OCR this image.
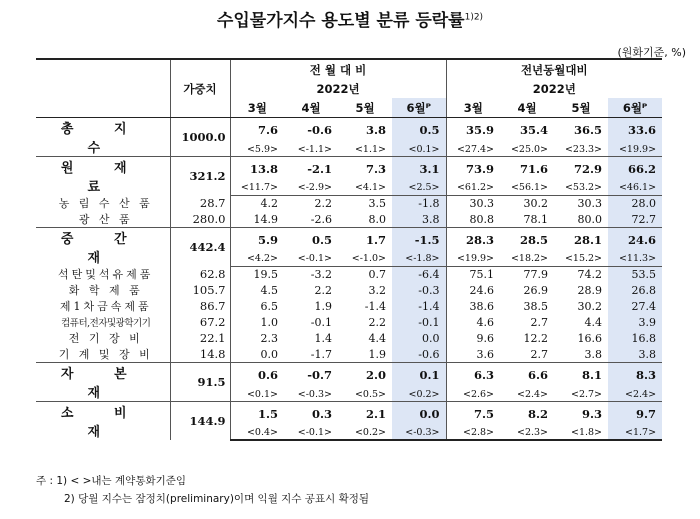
수입물가지수 용도별 분류 등락률$^{1)2)}$
(원화기준, %)
	가중치	전 월 대 비				전년동월대비			
		2022년				2022년			
		3월	4월	5월	6월ᴾ	3월	4월	5월	6월ᴾ
총 지 수	1000.0	7.6	-0.6	3.8	0.5	35.9	35.4	36.5	33.6
		<5.9>	<-1.1>	<1.1>	<0.1>	<27.4>	<25.0>	<23.3>	<19.9>
원 재 료	321.2	13.8	-2.1	7.3	3.1	73.9	71.6	72.9	66.2
		<11.7>	<-2.9>	<4.1>	<2.5>	<61.2>	<56.1>	<53.2>	<46.1>
농 림 수 산 품	28.7	4.2	2.2	3.5	-1.8	30.3	30.2	30.3	28.0
광 산 품	280.0	14.9	-2.6	8.0	3.8	80.8	78.1	80.0	72.7
중 간 재	442.4	5.9	0.5	1.7	-1.5	28.3	28.5	28.1	24.6
		<4.2>	<-0.1>	<-1.0>	<-1.8>	<19.9>	<18.2>	<15.2>	<11.3>
석탄및석유제품	62.8	19.5	-3.2	0.7	-6.4	75.1	77.9	74.2	53.5
화 학 제 품	105.7	4.5	2.2	3.2	-0.3	24.6	26.9	28.9	26.8
제1차금속제품	86.7	6.5	1.9	-1.4	-1.4	38.6	38.5	30.2	27.4
컴퓨터,전자및광학기기	67.2	1.0	-0.1	2.2	-0.1	4.6	2.7	4.4	3.9
전 기 장 비	22.1	2.3	1.4	4.4	0.0	9.6	12.2	16.6	16.8
기 계 및 장 비	14.8	0.0	-1.7	1.9	-0.6	3.6	2.7	3.8	3.8
자 본 재	91.5	0.6	-0.7	2.0	0.1	6.3	6.6	8.1	8.3
		<0.1>	<-0.3>	<0.5>	<0.2>	<2.6>	<2.4>	<2.7>	<2.4>
소 비 재	144.9	1.5	0.3	2.1	0.0	7.5	8.2	9.3	9.7
		<0.4>	<-0.1>	<0.2>	<-0.3>	<2.8>	<2.3>	<1.8>	<1.7>
주 : 1) < >내는 계약통화기준임
2) 당월 지수는 잠정치(preliminary)이며 익월 지수 공표시 확정됨
